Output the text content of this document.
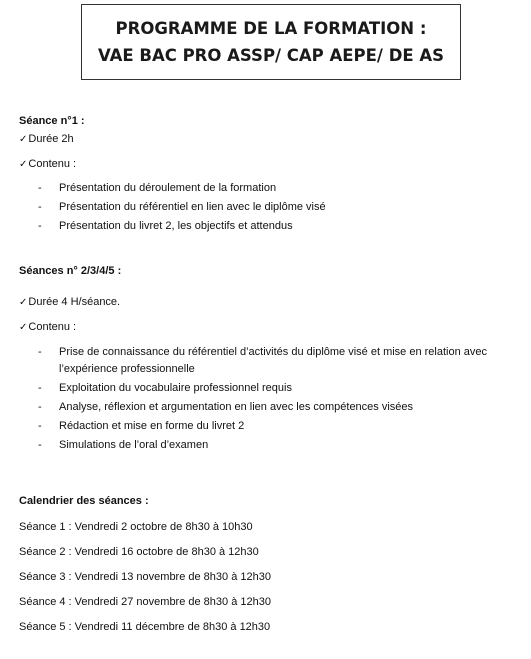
PROGRAMME DE LA FORMATION :
VAE BAC PRO ASSP/ CAP AEPE/ DE AS
Séance n°1 :
✓Durée 2h
✓Contenu :
-	Présentation du déroulement de la formation
-	Présentation du référentiel en lien avec le diplôme visé
-	Présentation du livret 2, les objectifs et attendus
Séances n° 2/3/4/5 :
✓Durée 4 H/séance.
✓Contenu :
-	Prise de connaissance du référentiel d’activités du diplôme visé et mise en relation avec
l’expérience professionnelle
-	Exploitation du vocabulaire professionnel requis
-	Analyse, réflexion et argumentation en lien avec les compétences visées
-	Rédaction et mise en forme du livret 2
-	Simulations de l’oral d’examen
Calendrier des séances :
Séance 1 : Vendredi 2 octobre de 8h30 à 10h30
Séance 2 : Vendredi 16 octobre de 8h30 à 12h30
Séance 3 : Vendredi 13 novembre de 8h30 à 12h30
Séance 4 : Vendredi 27 novembre de 8h30 à 12h30
Séance 5 : Vendredi 11 décembre de 8h30 à 12h30
